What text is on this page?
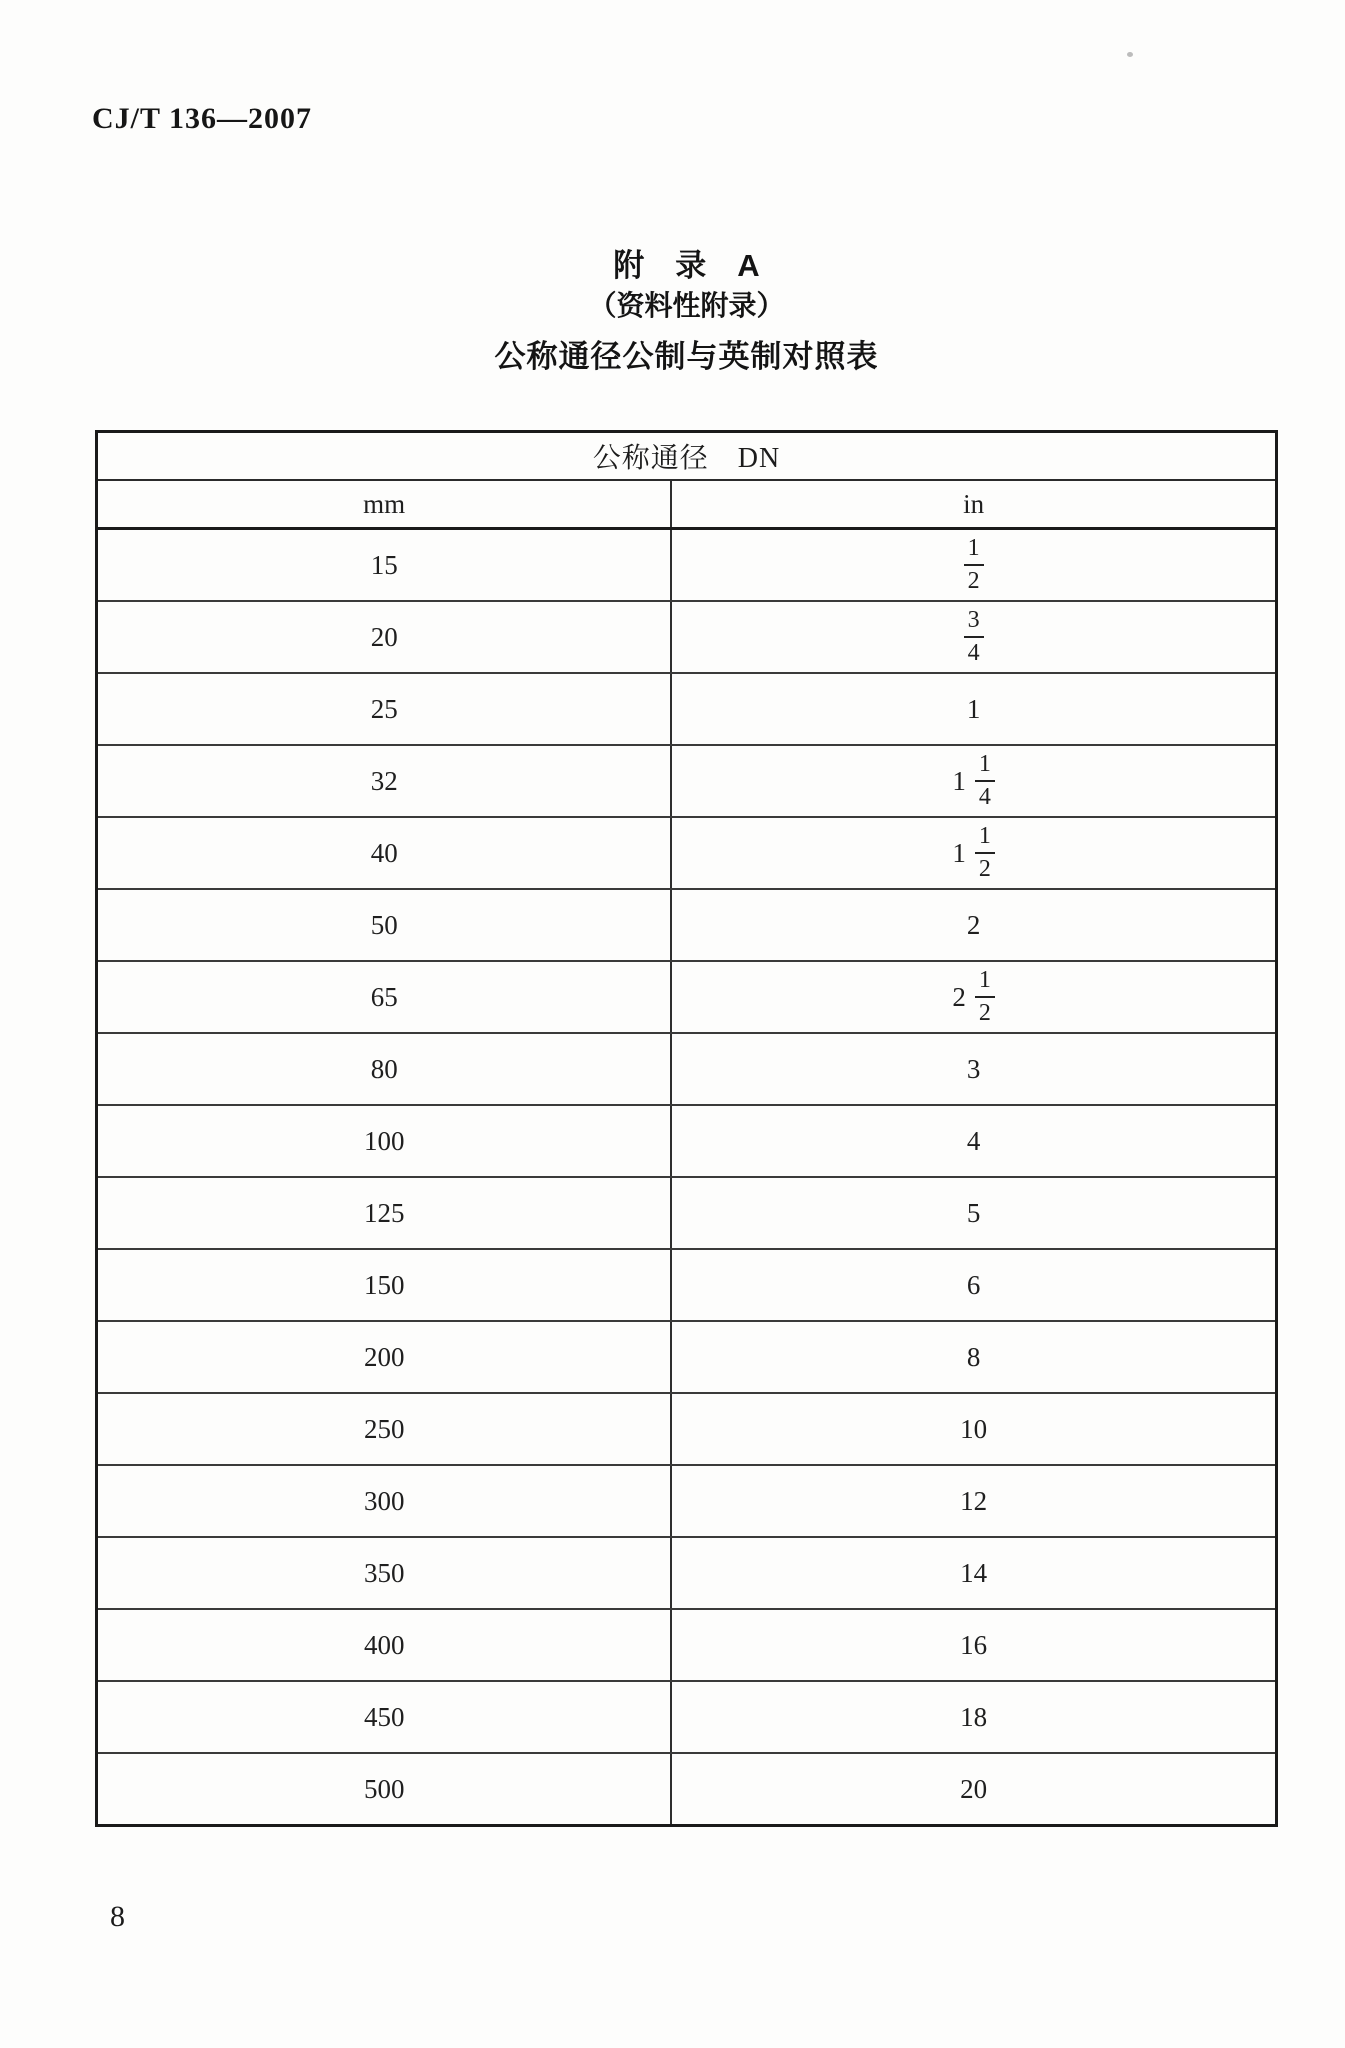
CJ/T 136—2007
附　录　A
（资料性附录）
公称通径公制与英制对照表
公称通径　DN
mm	in
15	$\frac{1}{2}$
20	$\frac{3}{4}$
25	1
32	$1 \frac{1}{4}$
40	$1 \frac{1}{2}$
50	2
65	$2 \frac{1}{2}$
80	3
100	4
125	5
150	6
200	8
250	10
300	12
350	14
400	16
450	18
500	20
8
